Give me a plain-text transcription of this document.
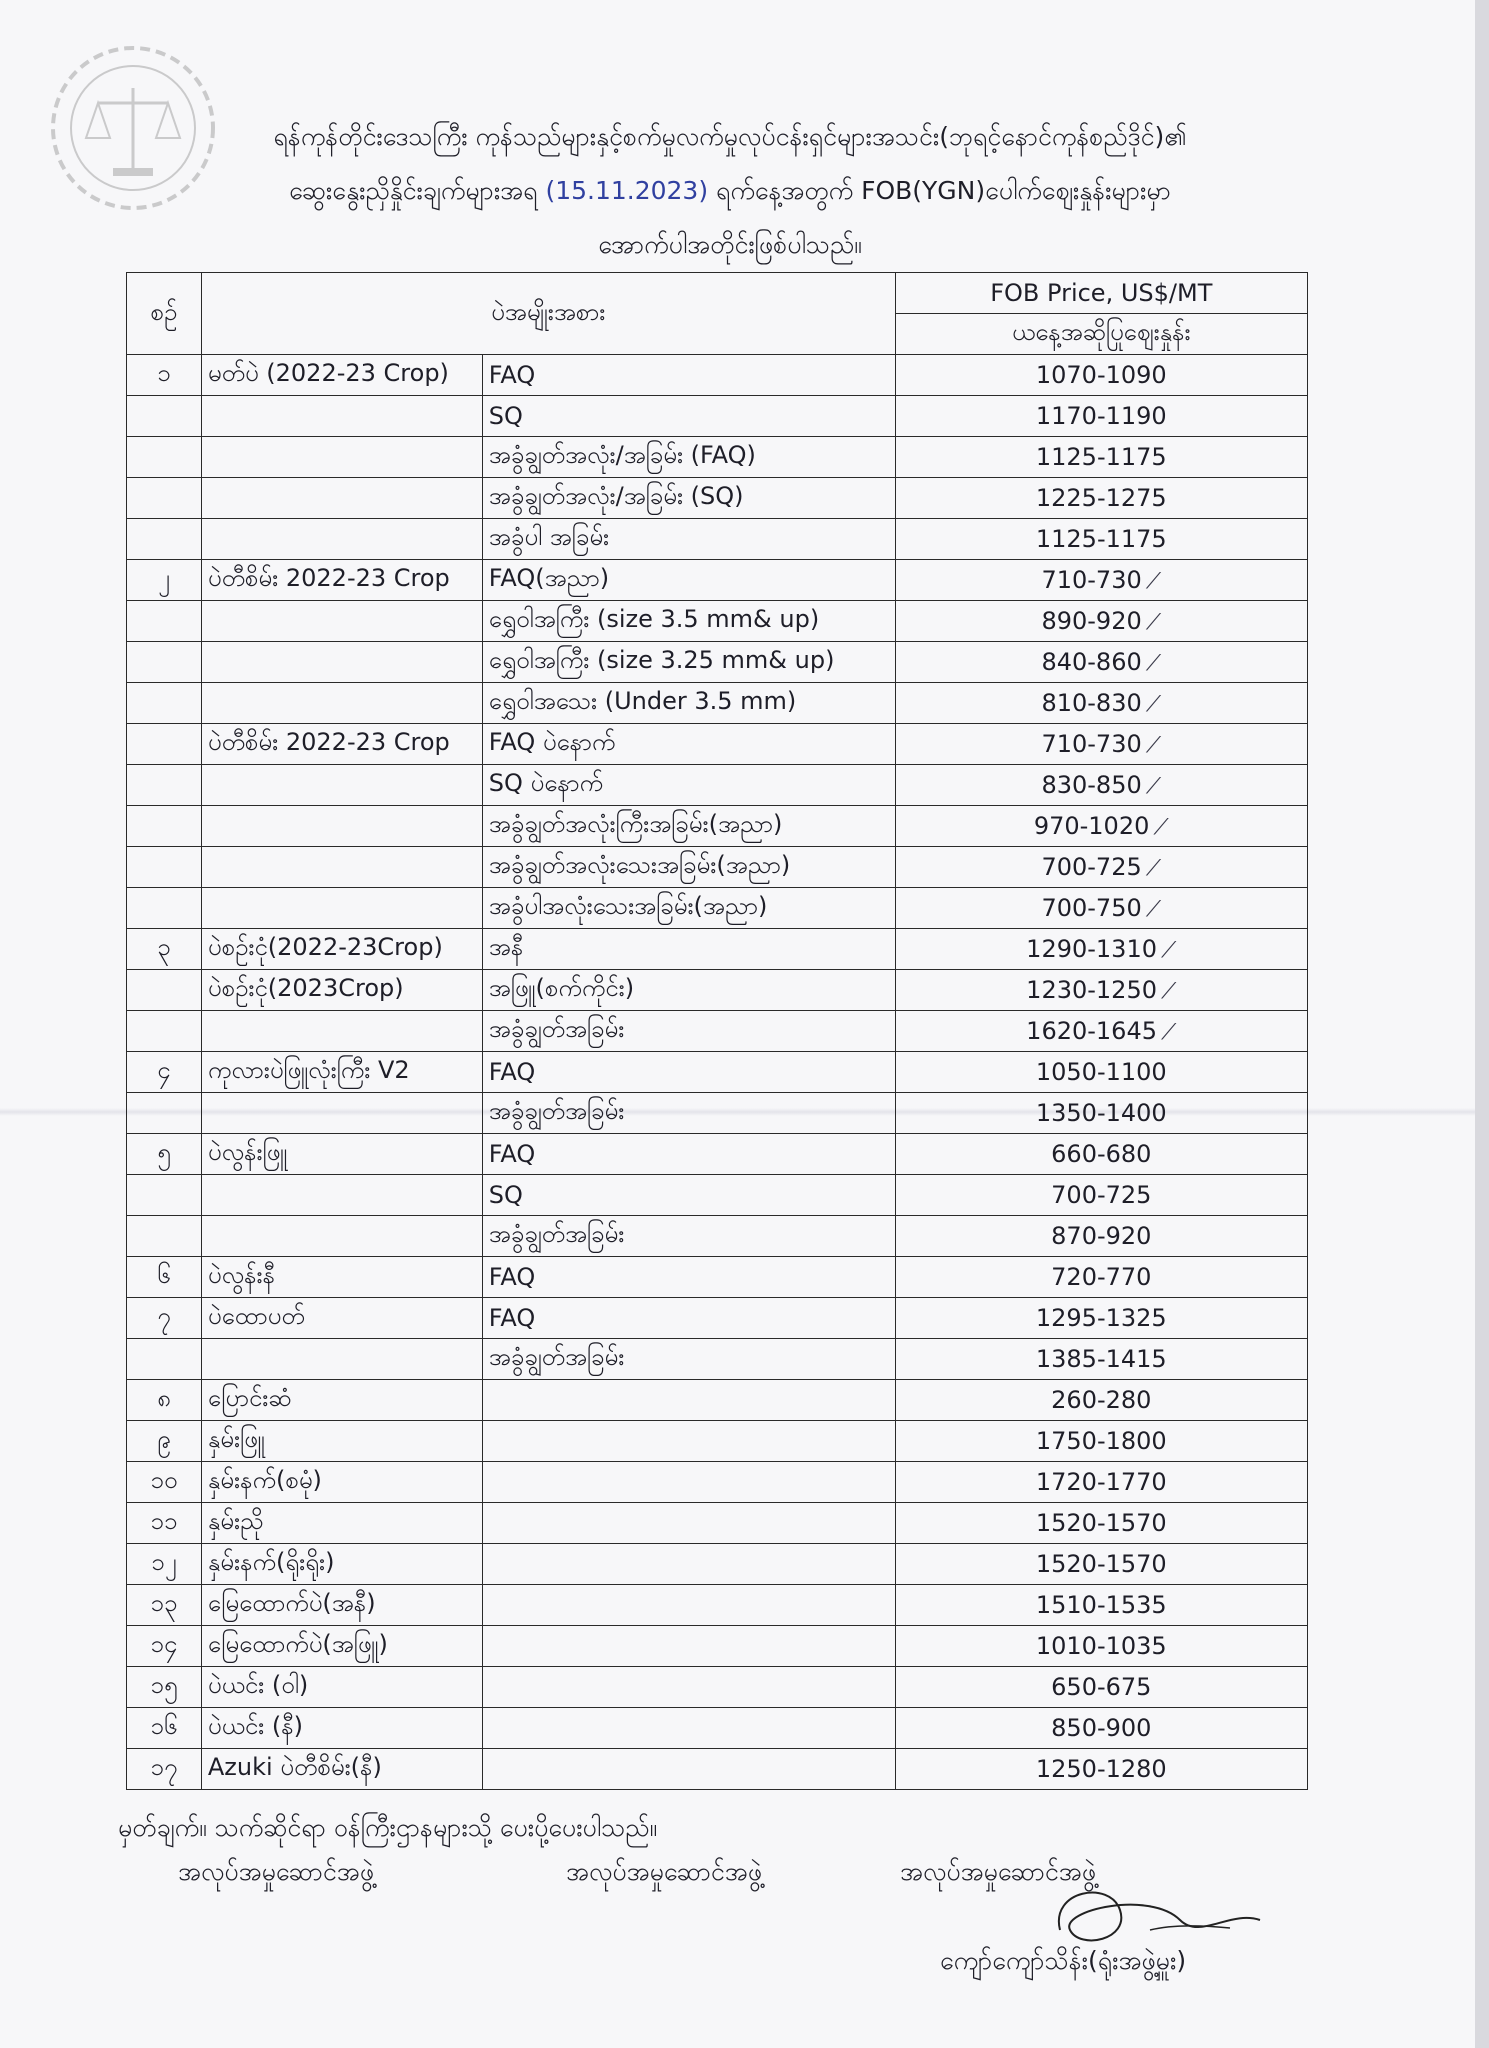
ရန်ကုန်တိုင်းဒေသကြီး ကုန်သည်များနှင့်စက်မှုလက်မှုလုပ်ငန်းရှင်များအသင်း(ဘုရင့်နောင်ကုန်စည်ဒိုင်)၏
ဆွေးနွေးညှိနှိုင်းချက်များအရ (15.11.2023) ရက်နေ့အတွက် FOB(YGN)ပေါက်ဈေးနှုန်းများမှာ
အောက်ပါအတိုင်းဖြစ်ပါသည်။
စဉ်	ပဲအမျိုးအစား		FOB Price, US$/MT
			ယနေ့အဆိုပြုဈေးနှုန်း
၁	မတ်ပဲ (2022-23 Crop)	FAQ	1070-1090
		SQ	1170-1190
		အခွံချွတ်အလုံး/အခြမ်း (FAQ)	1125-1175
		အခွံချွတ်အလုံး/အခြမ်း (SQ)	1225-1275
		အခွံပါ အခြမ်း	1125-1175
၂	ပဲတီစိမ်း 2022-23 Crop	FAQ(အညာ)	710-730 ⟋
		ရွှေဝါအကြီး (size 3.5 mm& up)	890-920 ⟋
		ရွှေဝါအကြီး (size 3.25 mm& up)	840-860 ⟋
		ရွှေဝါအသေး (Under 3.5 mm)	810-830 ⟋
	ပဲတီစိမ်း 2022-23 Crop	FAQ ပဲနောက်	710-730 ⟋
		SQ ပဲနောက်	830-850 ⟋
		အခွံချွတ်အလုံးကြီးအခြမ်း(အညာ)	970-1020 ⟋
		အခွံချွတ်အလုံးသေးအခြမ်း(အညာ)	700-725 ⟋
		အခွံပါအလုံးသေးအခြမ်း(အညာ)	700-750 ⟋
၃	ပဲစဉ်းငုံ(2022-23Crop)	အနီ	1290-1310 ⟋
	ပဲစဉ်းငုံ(2023Crop)	အဖြူ(စက်ကိုင်း)	1230-1250 ⟋
		အခွံချွတ်အခြမ်း	1620-1645 ⟋
၄	ကုလားပဲဖြူလုံးကြီး V2	FAQ	1050-1100
		အခွံချွတ်အခြမ်း	1350-1400
၅	ပဲလွန်းဖြူ	FAQ	660-680
		SQ	700-725
		အခွံချွတ်အခြမ်း	870-920
၆	ပဲလွန်းနီ	FAQ	720-770
၇	ပဲထောပတ်	FAQ	1295-1325
		အခွံချွတ်အခြမ်း	1385-1415
၈	ပြောင်းဆံ		260-280
၉	နှမ်းဖြူ		1750-1800
၁၀	နှမ်းနက်(စမုံ)		1720-1770
၁၁	နှမ်းညို		1520-1570
၁၂	နှမ်းနက်(ရိုးရိုး)		1520-1570
၁၃	မြေထောက်ပဲ(အနီ)		1510-1535
၁၄	မြေထောက်ပဲ(အဖြူ)		1010-1035
၁၅	ပဲယင်း (ဝါ)		650-675
၁၆	ပဲယင်း (နီ)		850-900
၁၇	Azuki ပဲတီစိမ်း(နီ)		1250-1280
မှတ်ချက်။ သက်ဆိုင်ရာ ဝန်ကြီးဌာနများသို့ ပေးပို့ပေးပါသည်။
အလုပ်အမှုဆောင်အဖွဲ့	အလုပ်အမှုဆောင်အဖွဲ့	အလုပ်အမှုဆောင်အဖွဲ့
ကျော်ကျော်သိန်း(ရုံးအဖွဲ့မှူး)
